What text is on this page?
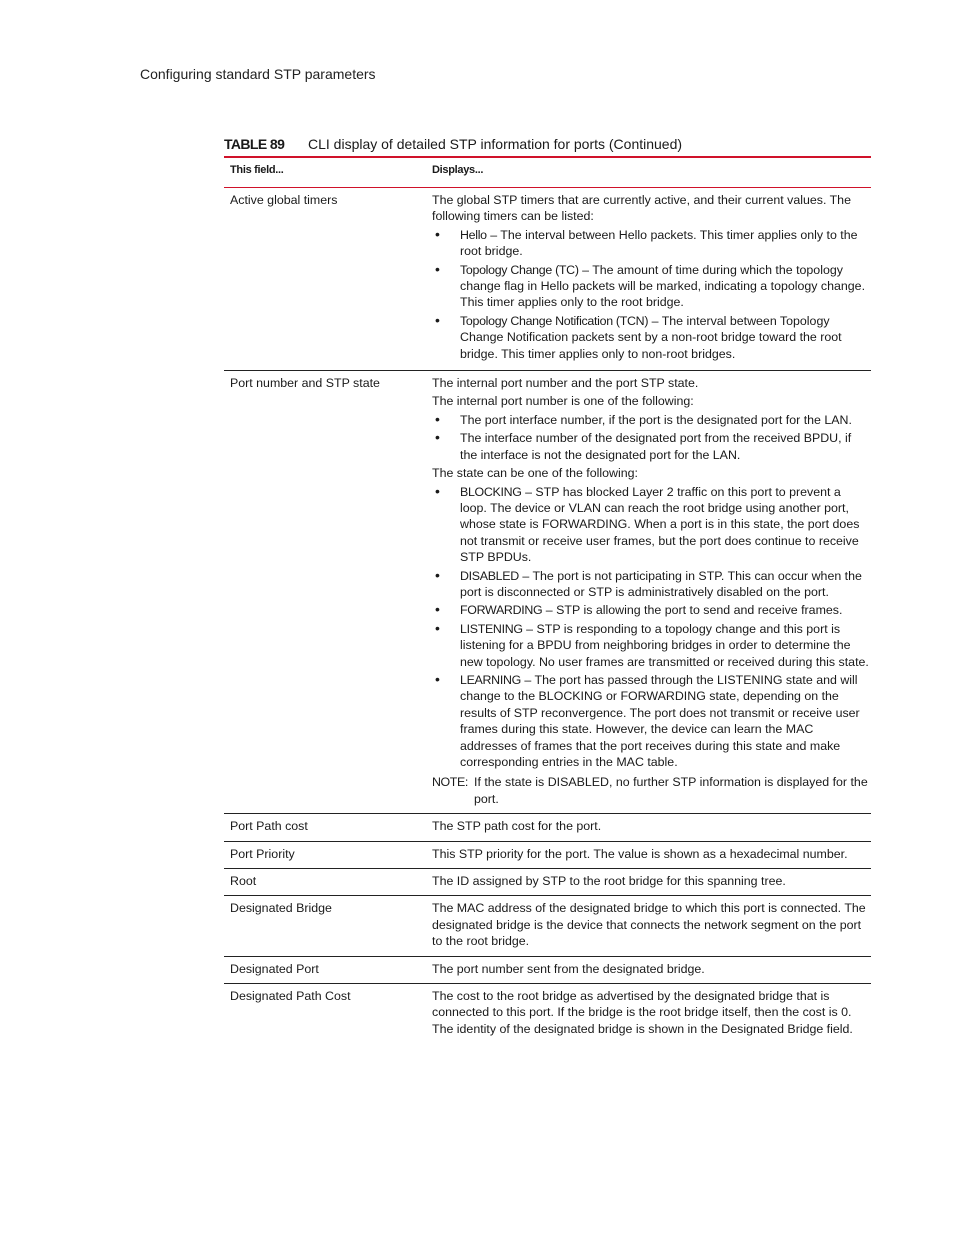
Configuring standard STP parameters
TABLE 89 CLI display of detailed STP information for ports (Continued)
This field...	Displays...
Active global timers	The global STP timers that are currently active, and their current values. The following timers can be listed:

• Hello – The interval between Hello packets. This timer applies only to the root bridge.
• Topology Change (TC) – The amount of time during which the topology change flag in Hello packets will be marked, indicating a topology change. This timer applies only to the root bridge.
• Topology Change Notification (TCN) – The interval between Topology Change Notification packets sent by a non-root bridge toward the root bridge. This timer applies only to non-root bridges.
Port number and STP state	The internal port number and the port STP state.

The internal port number is one of the following:

• The port interface number, if the port is the designated port for the LAN.
• The interface number of the designated port from the received BPDU, if the interface is not the designated port for the LAN.

The state can be one of the following:

• BLOCKING – STP has blocked Layer 2 traffic on this port to prevent a loop. The device or VLAN can reach the root bridge using another port, whose state is FORWARDING. When a port is in this state, the port does not transmit or receive user frames, but the port does continue to receive STP BPDUs.
• DISABLED – The port is not participating in STP. This can occur when the port is disconnected or STP is administratively disabled on the port.
• FORWARDING – STP is allowing the port to send and receive frames.
• LISTENING – STP is responding to a topology change and this port is listening for a BPDU from neighboring bridges in order to determine the new topology. No user frames are transmitted or received during this state.
• LEARNING – The port has passed through the LISTENING state and will change to the BLOCKING or FORWARDING state, depending on the results of STP reconvergence. The port does not transmit or receive user frames during this state. However, the device can learn the MAC addresses of frames that the port receives during this state and make corresponding entries in the MAC table.
NOTE: If the state is DISABLED, no further STP information is displayed for the port.
Port Path cost	The STP path cost for the port.
Port Priority	This STP priority for the port. The value is shown as a hexadecimal number.
Root	The ID assigned by STP to the root bridge for this spanning tree.
Designated Bridge	The MAC address of the designated bridge to which this port is connected. The designated bridge is the device that connects the network segment on the port to the root bridge.
Designated Port	The port number sent from the designated bridge.
Designated Path Cost	The cost to the root bridge as advertised by the designated bridge that is connected to this port. If the bridge is the root bridge itself, then the cost is 0. The identity of the designated bridge is shown in the Designated Bridge field.
